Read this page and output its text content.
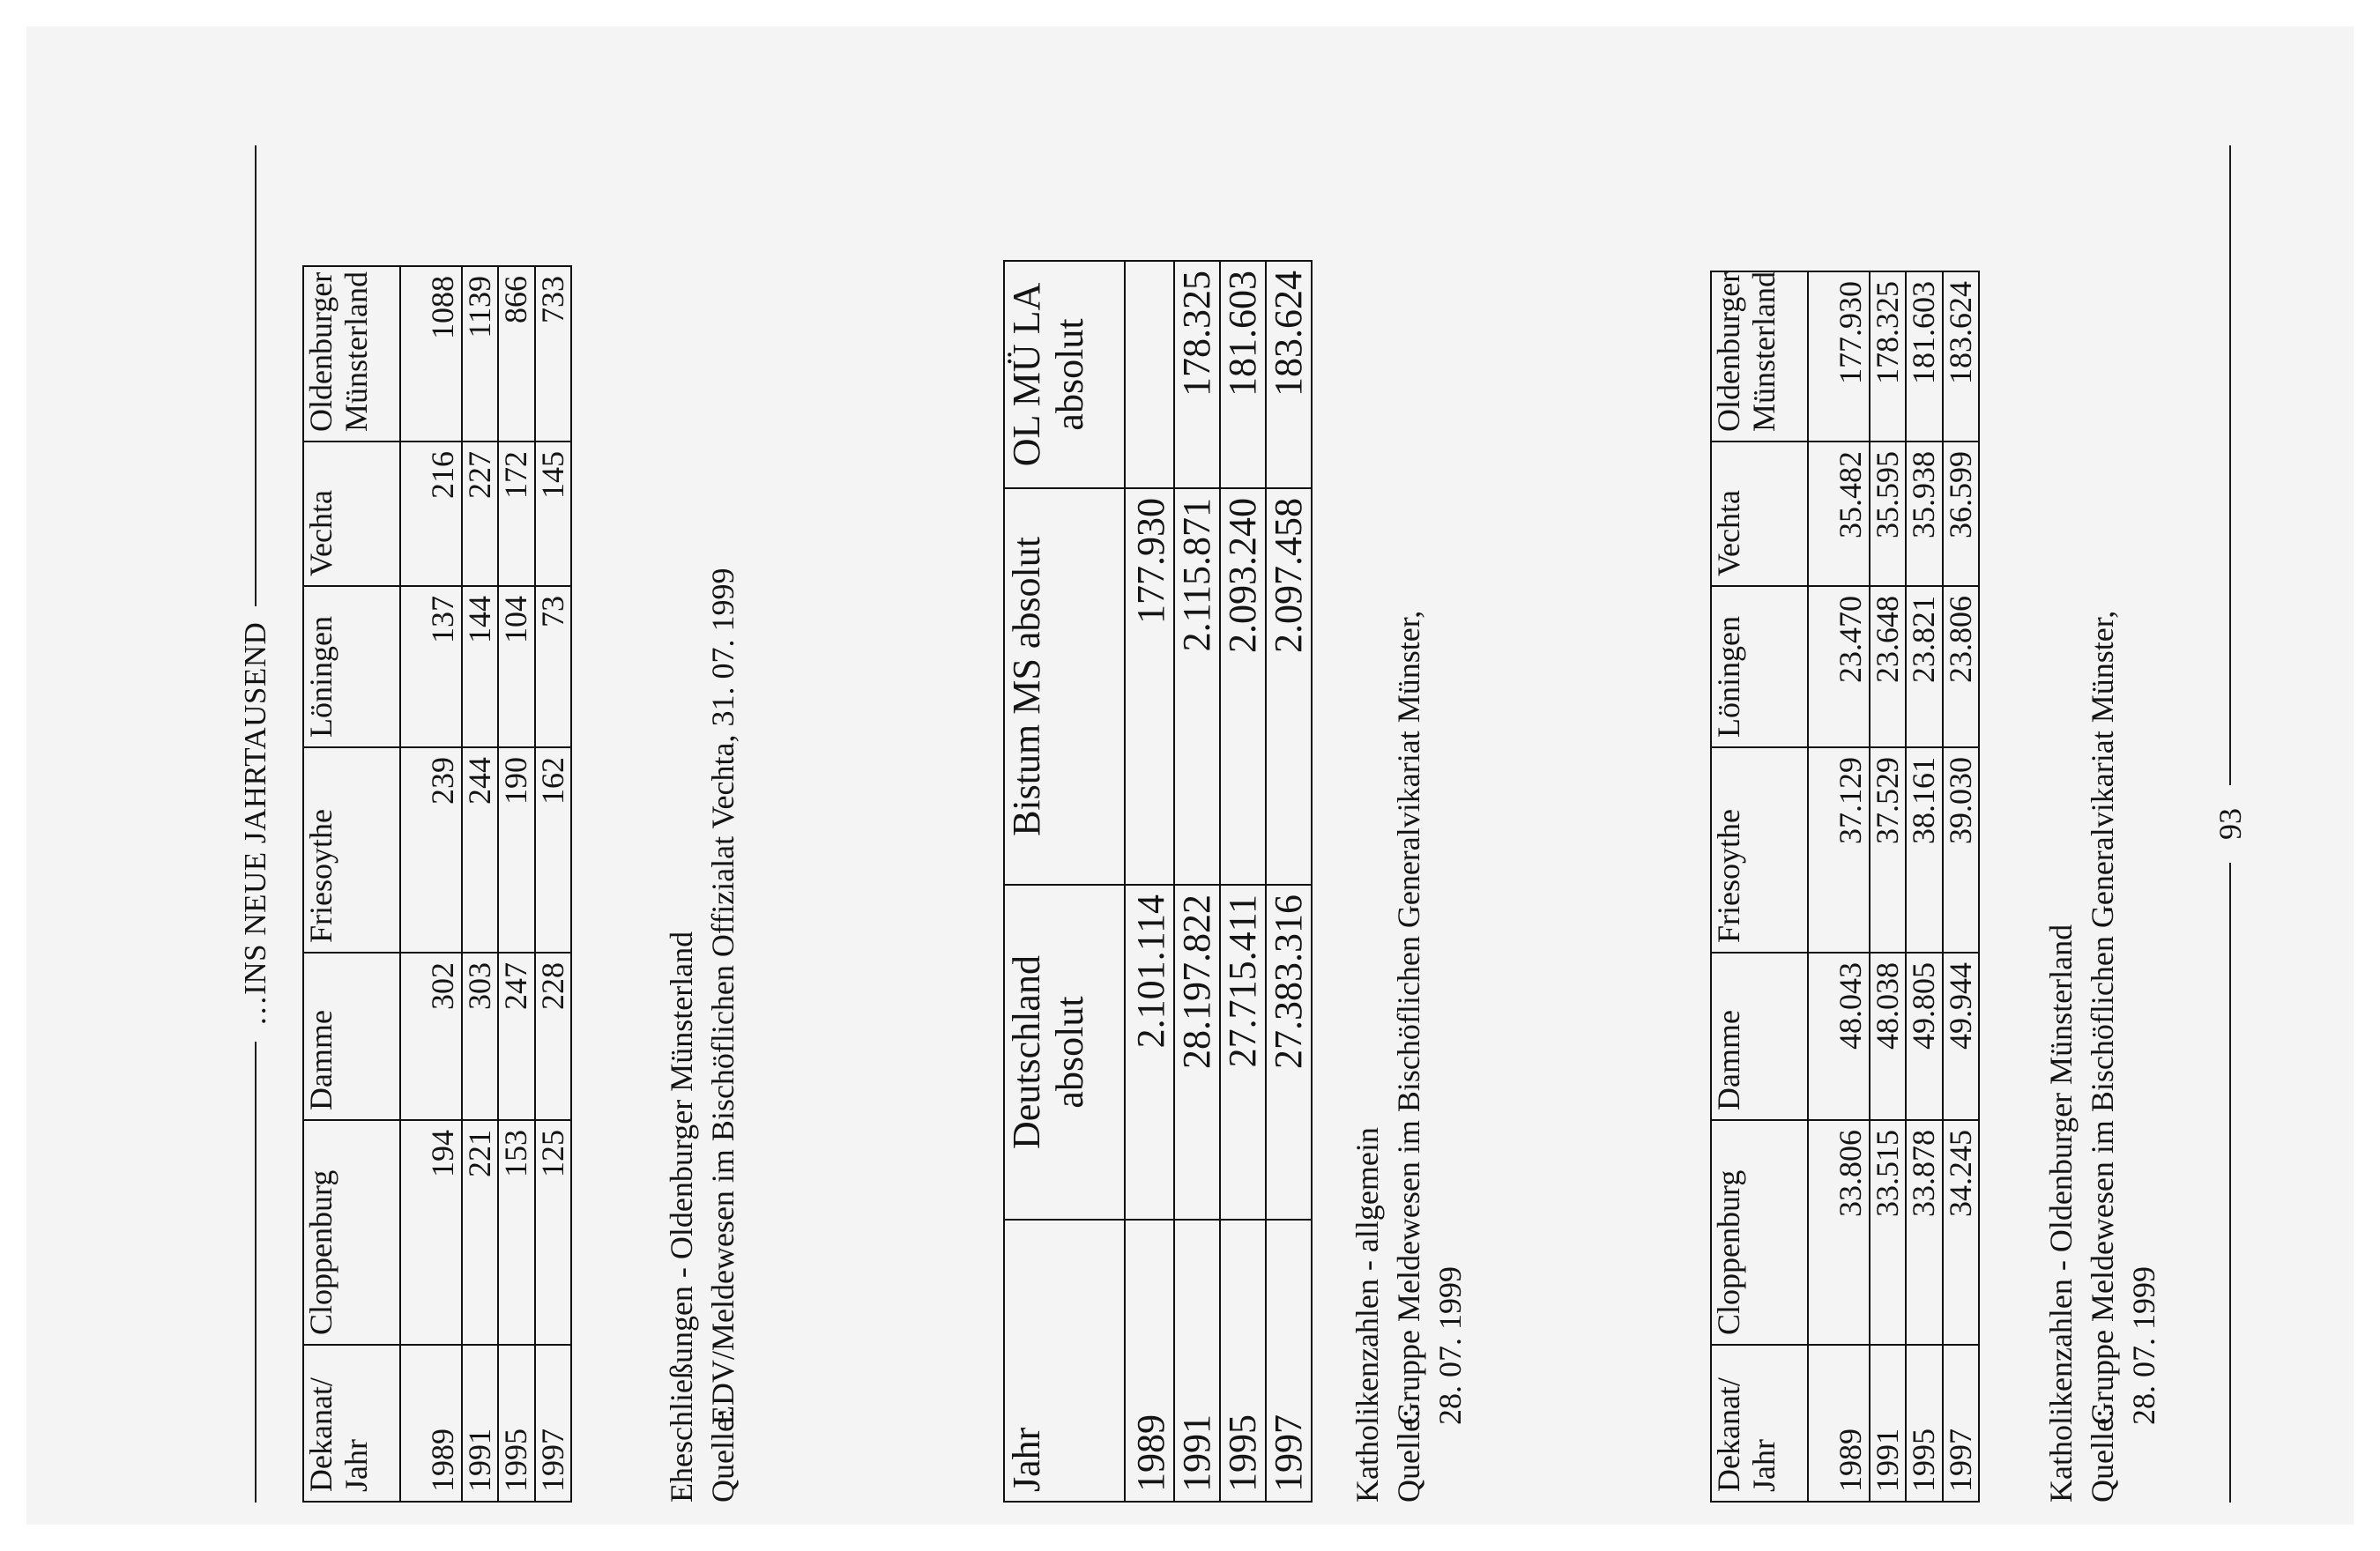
…INS NEUE JAHRTAUSEND
Dekanat/ Jahr	Cloppenburg	Damme	Friesoythe	Löningen	Vechta	Oldenburger Münsterland
1989	194	302	239	137	216	1088
1991	221	303	244	144	227	1139
1995	153	247	190	104	172	866
1997	125	228	162	73	145	733
Eheschließungen - Oldenburger Münsterland Quelle:
EDV/Meldewesen im Bischöflichen Offizialat Vechta, 31. 07. 1999
Jahr	Deutschland absolut	Bistum MS absolut	OL MÜ LA absolut
1989	2.101.114	177.930	
1991	28.197.822	2.115.871	178.325
1995	27.715.411	2.093.240	181.603
1997	27.383.316	2.097.458	183.624
Katholikenzahlen - allgemein Quelle:
Gruppe Meldewesen im Bischöflichen Generalvikariat Münster, 28. 07. 1999
Dekanat/ Jahr	Cloppenburg	Damme	Friesoythe	Löningen	Vechta	Oldenburger Münsterland
1989	33.806	48.043	37.129	23.470	35.482	177.930
1991	33.515	48.038	37.529	23.648	35.595	178.325
1995	33.878	49.805	38.161	23.821	35.938	181.603
1997	34.245	49.944	39.030	23.806	36.599	183.624
Katholikenzahlen - Oldenburger Münsterland Quelle:
Gruppe Meldewesen im Bischöflichen Generalvikariat Münster, 28. 07. 1999
93
